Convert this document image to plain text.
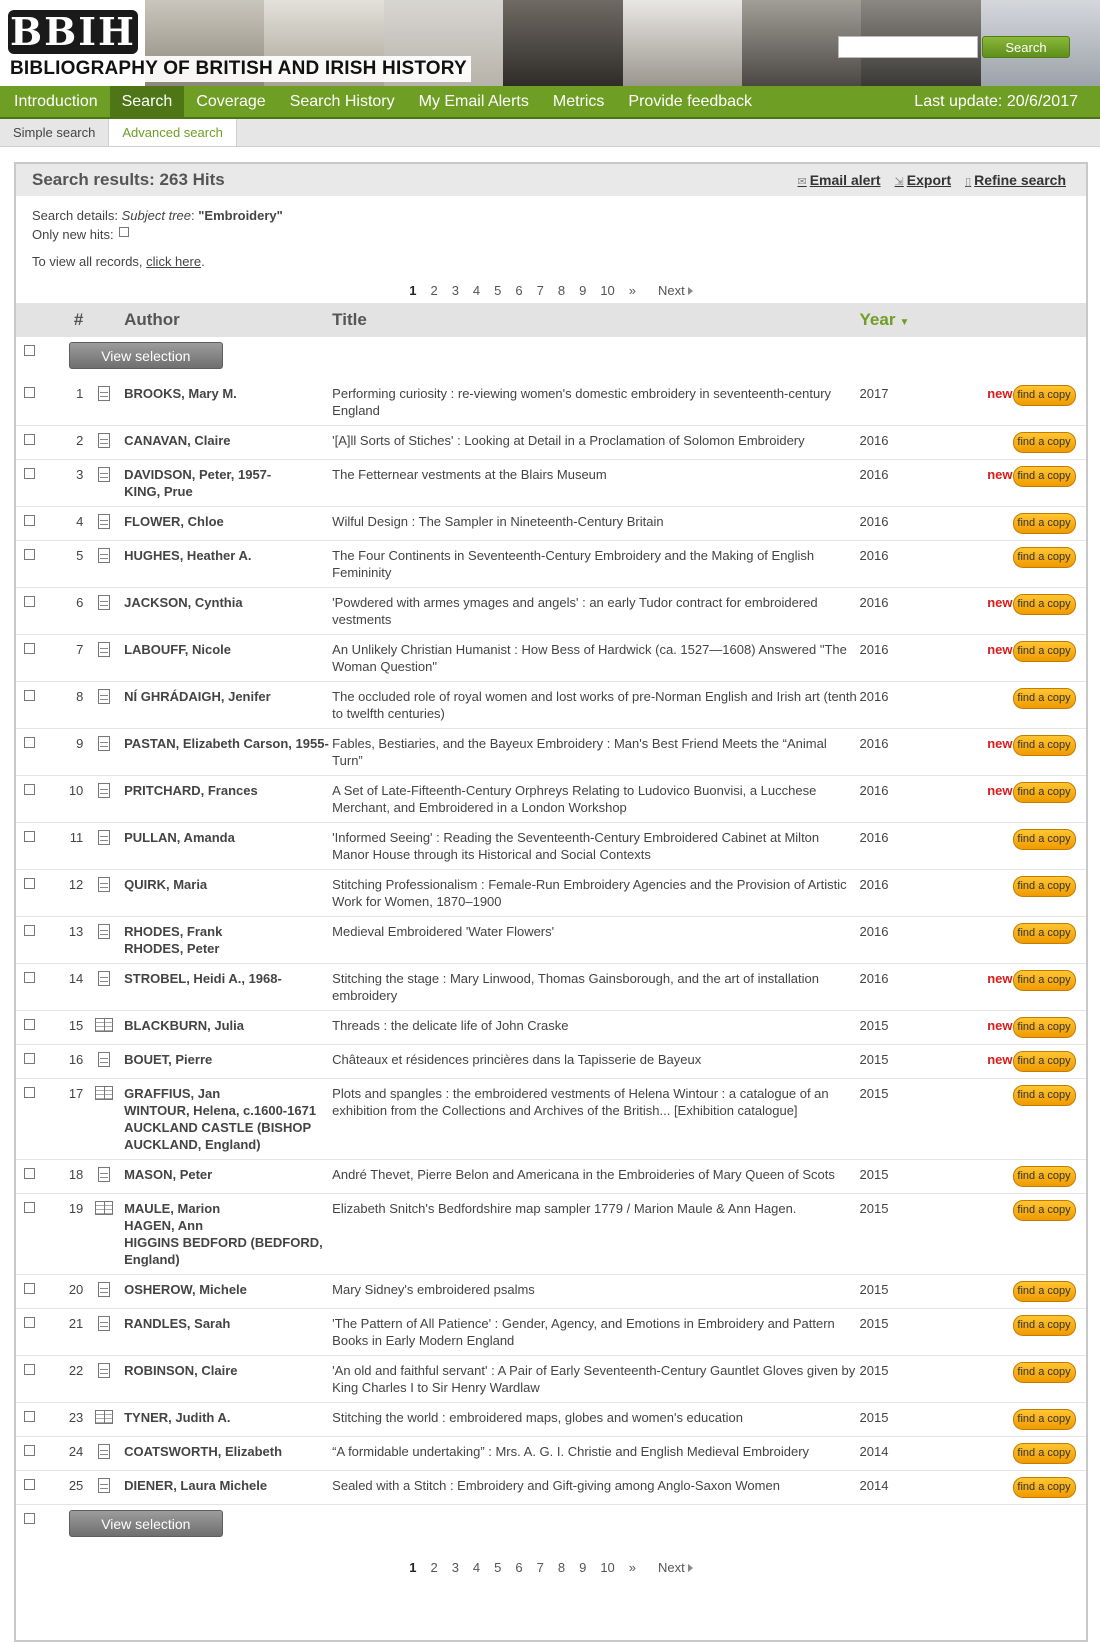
BBIH
BIBLIOGRAPHY OF BRITISH AND IRISH HISTORY
Search
Introduction	Search	Coverage	Search History	My Email Alerts	Metrics	Provide feedback	Last update: 20/6/2017
Simple search	Advanced search
Search results: 263 Hits	✉ Email alert ⇲ Export ▯ Refine search
Search details: Subject tree: "Embroidery"
Only new hits:
To view all records, click here.
1	2	3	4	5	6	7	8	9	10	»	Next
	#		Author	Title	Year ▼		
	View selection						
	1		BROOKS, Mary M.	Performing curiosity : re-viewing women's domestic embroidery in seventeenth-century England	2017	new	find a copy
	2		CANAVAN, Claire	'[A]ll Sorts of Stiches' : Looking at Detail in a Proclamation of Solomon Embroidery	2016		find a copy
	3		DAVIDSON, Peter, 1957-
KING, Prue	The Fetternear vestments at the Blairs Museum	2016	new	find a copy
	4		FLOWER, Chloe	Wilful Design : The Sampler in Nineteenth-Century Britain	2016		find a copy
	5		HUGHES, Heather A.	The Four Continents in Seventeenth-Century Embroidery and the Making of English Femininity	2016		find a copy
	6		JACKSON, Cynthia	'Powdered with armes ymages and angels' : an early Tudor contract for embroidered vestments	2016	new	find a copy
	7		LABOUFF, Nicole	An Unlikely Christian Humanist : How Bess of Hardwick (ca. 1527—1608) Answered "The Woman Question"	2016	new	find a copy
	8		NÍ GHRÁDAIGH, Jenifer	The occluded role of royal women and lost works of pre-Norman English and Irish art (tenth to twelfth centuries)	2016		find a copy
	9		PASTAN, Elizabeth Carson, 1955-	Fables, Bestiaries, and the Bayeux Embroidery : Man's Best Friend Meets the “Animal Turn”	2016	new	find a copy
	10		PRITCHARD, Frances	A Set of Late-Fifteenth-Century Orphreys Relating to Ludovico Buonvisi, a Lucchese Merchant, and Embroidered in a London Workshop	2016	new	find a copy
	11		PULLAN, Amanda	'Informed Seeing' : Reading the Seventeenth-Century Embroidered Cabinet at Milton Manor House through its Historical and Social Contexts	2016		find a copy
	12		QUIRK, Maria	Stitching Professionalism : Female-Run Embroidery Agencies and the Provision of Artistic Work for Women, 1870–1900	2016		find a copy
	13		RHODES, Frank
RHODES, Peter	Medieval Embroidered 'Water Flowers'	2016		find a copy
	14		STROBEL, Heidi A., 1968-	Stitching the stage : Mary Linwood, Thomas Gainsborough, and the art of installation embroidery	2016	new	find a copy
	15		BLACKBURN, Julia	Threads : the delicate life of John Craske	2015	new	find a copy
	16		BOUET, Pierre	Châteaux et résidences princières dans la Tapisserie de Bayeux	2015	new	find a copy
	17		GRAFFIUS, Jan
WINTOUR, Helena, c.1600-1671
AUCKLAND CASTLE (BISHOP AUCKLAND, England)	Plots and spangles : the embroidered vestments of Helena Wintour : a catalogue of an exhibition from the Collections and Archives of the British... [Exhibition catalogue]	2015		find a copy
	18		MASON, Peter	André Thevet, Pierre Belon and Americana in the Embroideries of Mary Queen of Scots	2015		find a copy
	19		MAULE, Marion
HAGEN, Ann
HIGGINS BEDFORD (BEDFORD, England)	Elizabeth Snitch's Bedfordshire map sampler 1779 / Marion Maule & Ann Hagen.	2015		find a copy
	20		OSHEROW, Michele	Mary Sidney's embroidered psalms	2015		find a copy
	21		RANDLES, Sarah	'The Pattern of All Patience' : Gender, Agency, and Emotions in Embroidery and Pattern Books in Early Modern England	2015		find a copy
	22		ROBINSON, Claire	'An old and faithful servant' : A Pair of Early Seventeenth-Century Gauntlet Gloves given by King Charles I to Sir Henry Wardlaw	2015		find a copy
	23		TYNER, Judith A.	Stitching the world : embroidered maps, globes and women's education	2015		find a copy
	24		COATSWORTH, Elizabeth	“A formidable undertaking” : Mrs. A. G. I. Christie and English Medieval Embroidery	2014		find a copy
	25		DIENER, Laura Michele	Sealed with a Stitch : Embroidery and Gift-giving among Anglo-Saxon Women	2014		find a copy
	View selection						
1	2	3	4	5	6	7	8	9	10	»	Next
